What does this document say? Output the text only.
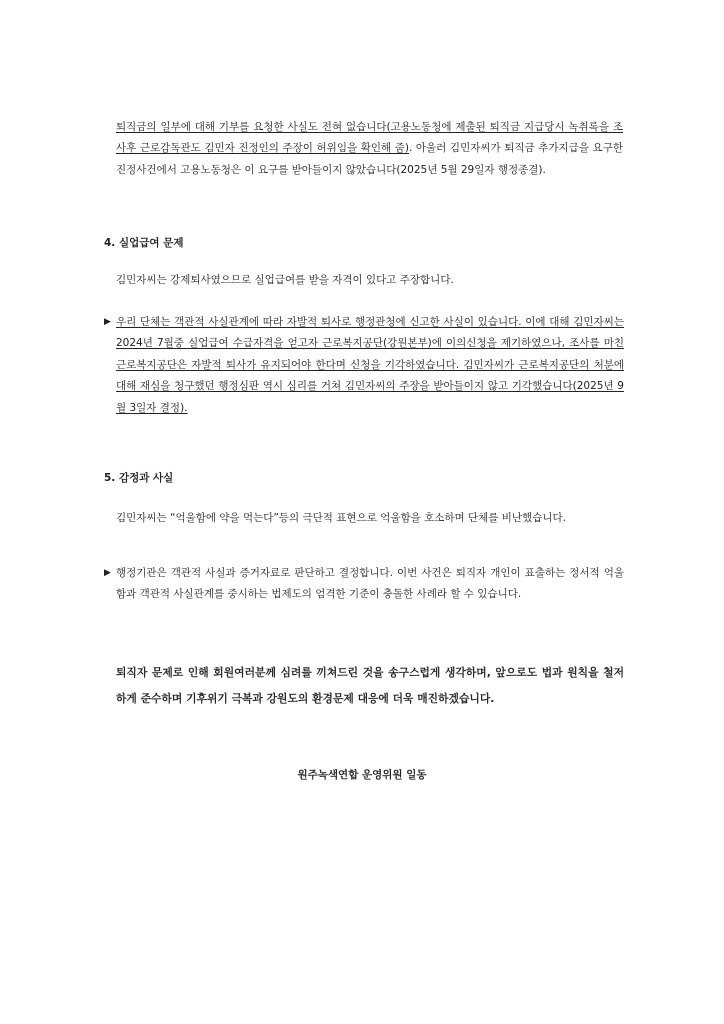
퇴직금의 일부에 대해 기부를 요청한 사실도 전혀 없습니다(고용노동청에 제출된 퇴직금 지급당시 녹취록을 조사후 근로감독관도 김민자 진정인의 주장이 허위임을 확인해 줌). 아울러 김민자씨가 퇴직금 추가지급을 요구한 진정사건에서 고용노동청은 이 요구를 받아들이지 않았습니다(2025년 5월 29일자 행정종결).

4. 실업급여 문제

김민자씨는 강제퇴사였으므로 실업급여를 받을 자격이 있다고 주장합니다.

▶ 우리 단체는 객관적 사실관계에 따라 자발적 퇴사로 행정관청에 신고한 사실이 있습니다. 이에 대해 김민자씨는 2024년 7월중 실업급여 수급자격을 얻고자 근로복지공단(강원본부)에 이의신청을 제기하였으나, 조사를 마친 근로복지공단은 자발적 퇴사가 유지되어야 한다며 신청을 기각하였습니다. 김민자씨가 근로복지공단의 처분에 대해 재심을 청구했던 행정심판 역시 심리를 거쳐 김민자씨의 주장을 받아들이지 않고 기각했습니다(2025년 9월 3일자 결정).

5. 감정과 사실

김민자씨는 “억울함에 약을 먹는다”등의 극단적 표현으로 억울함을 호소하며 단체를 비난했습니다.

▶ 행정기관은 객관적 사실과 증거자료로 판단하고 결정합니다. 이번 사건은 퇴직자 개인이 표출하는 정서적 억울함과 객관적 사실관계를 중시하는 법제도의 엄격한 기준이 충돌한 사례라 할 수 있습니다.

퇴직자 문제로 인해 회원여러분께 심려를 끼쳐드린 것을 송구스럽게 생각하며, 앞으로도 법과 원칙을 철저하게 준수하며 기후위기 극복과 강원도의 환경문제 대응에 더욱 매진하겠습니다.

원주녹색연합 운영위원 일동
